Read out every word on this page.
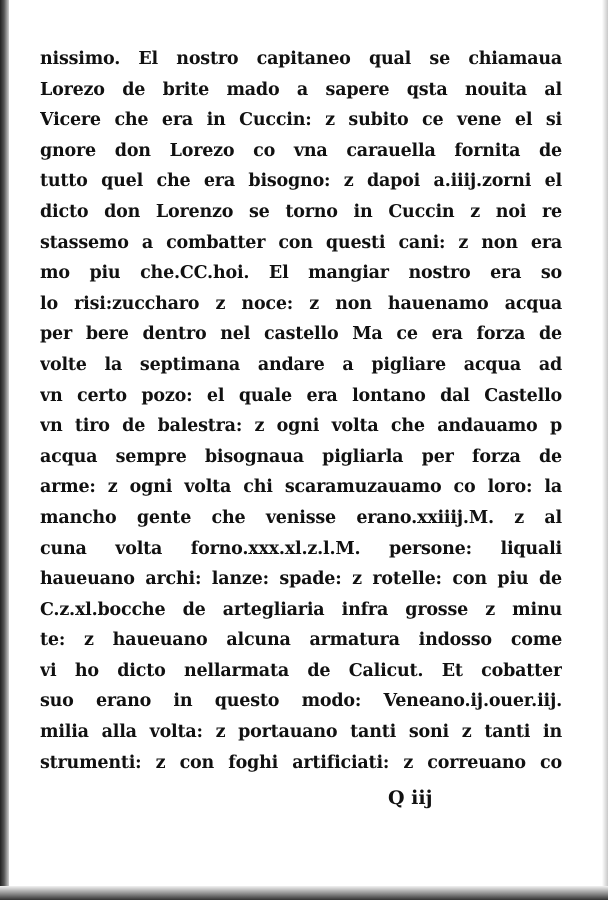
nissimo. El nostro capitaneo qual se chiamaua
Lorezo de brite mado a sapere qsta nouita al
Vicere che era in Cuccin: z subito ce vene el si
gnore don Lorezo co vna carauella fornita de
tutto quel che era bisogno: z dapoi a.iiij.zorni el
dicto don Lorenzo se torno in Cuccin z noi re
stassemo a combatter con questi cani: z non era
mo piu che.CC.hoi. El mangiar nostro era so
lo risi:zuccharo z noce: z non hauenamo acqua
per bere dentro nel castello Ma ce era forza de
volte la septimana andare a pigliare acqua ad
vn certo pozo: el quale era lontano dal Castello
vn tiro de balestra: z ogni volta che andauamo p
acqua sempre bisognaua pigliarla per forza de
arme: z ogni volta chi scaramuzauamo co loro: la
mancho gente che venisse erano.xxiiij.M. z al
cuna volta forno.xxx.xl.z.l.M. persone: liquali
haueuano archi: lanze: spade: z rotelle: con piu de
C.z.xl.bocche de artegliaria infra grosse z minu
te: z haueuano alcuna armatura indosso come
vi ho dicto nellarmata de Calicut. Et cobatter
suo erano in questo modo: Veneano.ij.ouer.iij.
milia alla volta: z portauano tanti soni z tanti in
strumenti: z con foghi artificiati: z correuano co
Q iij
